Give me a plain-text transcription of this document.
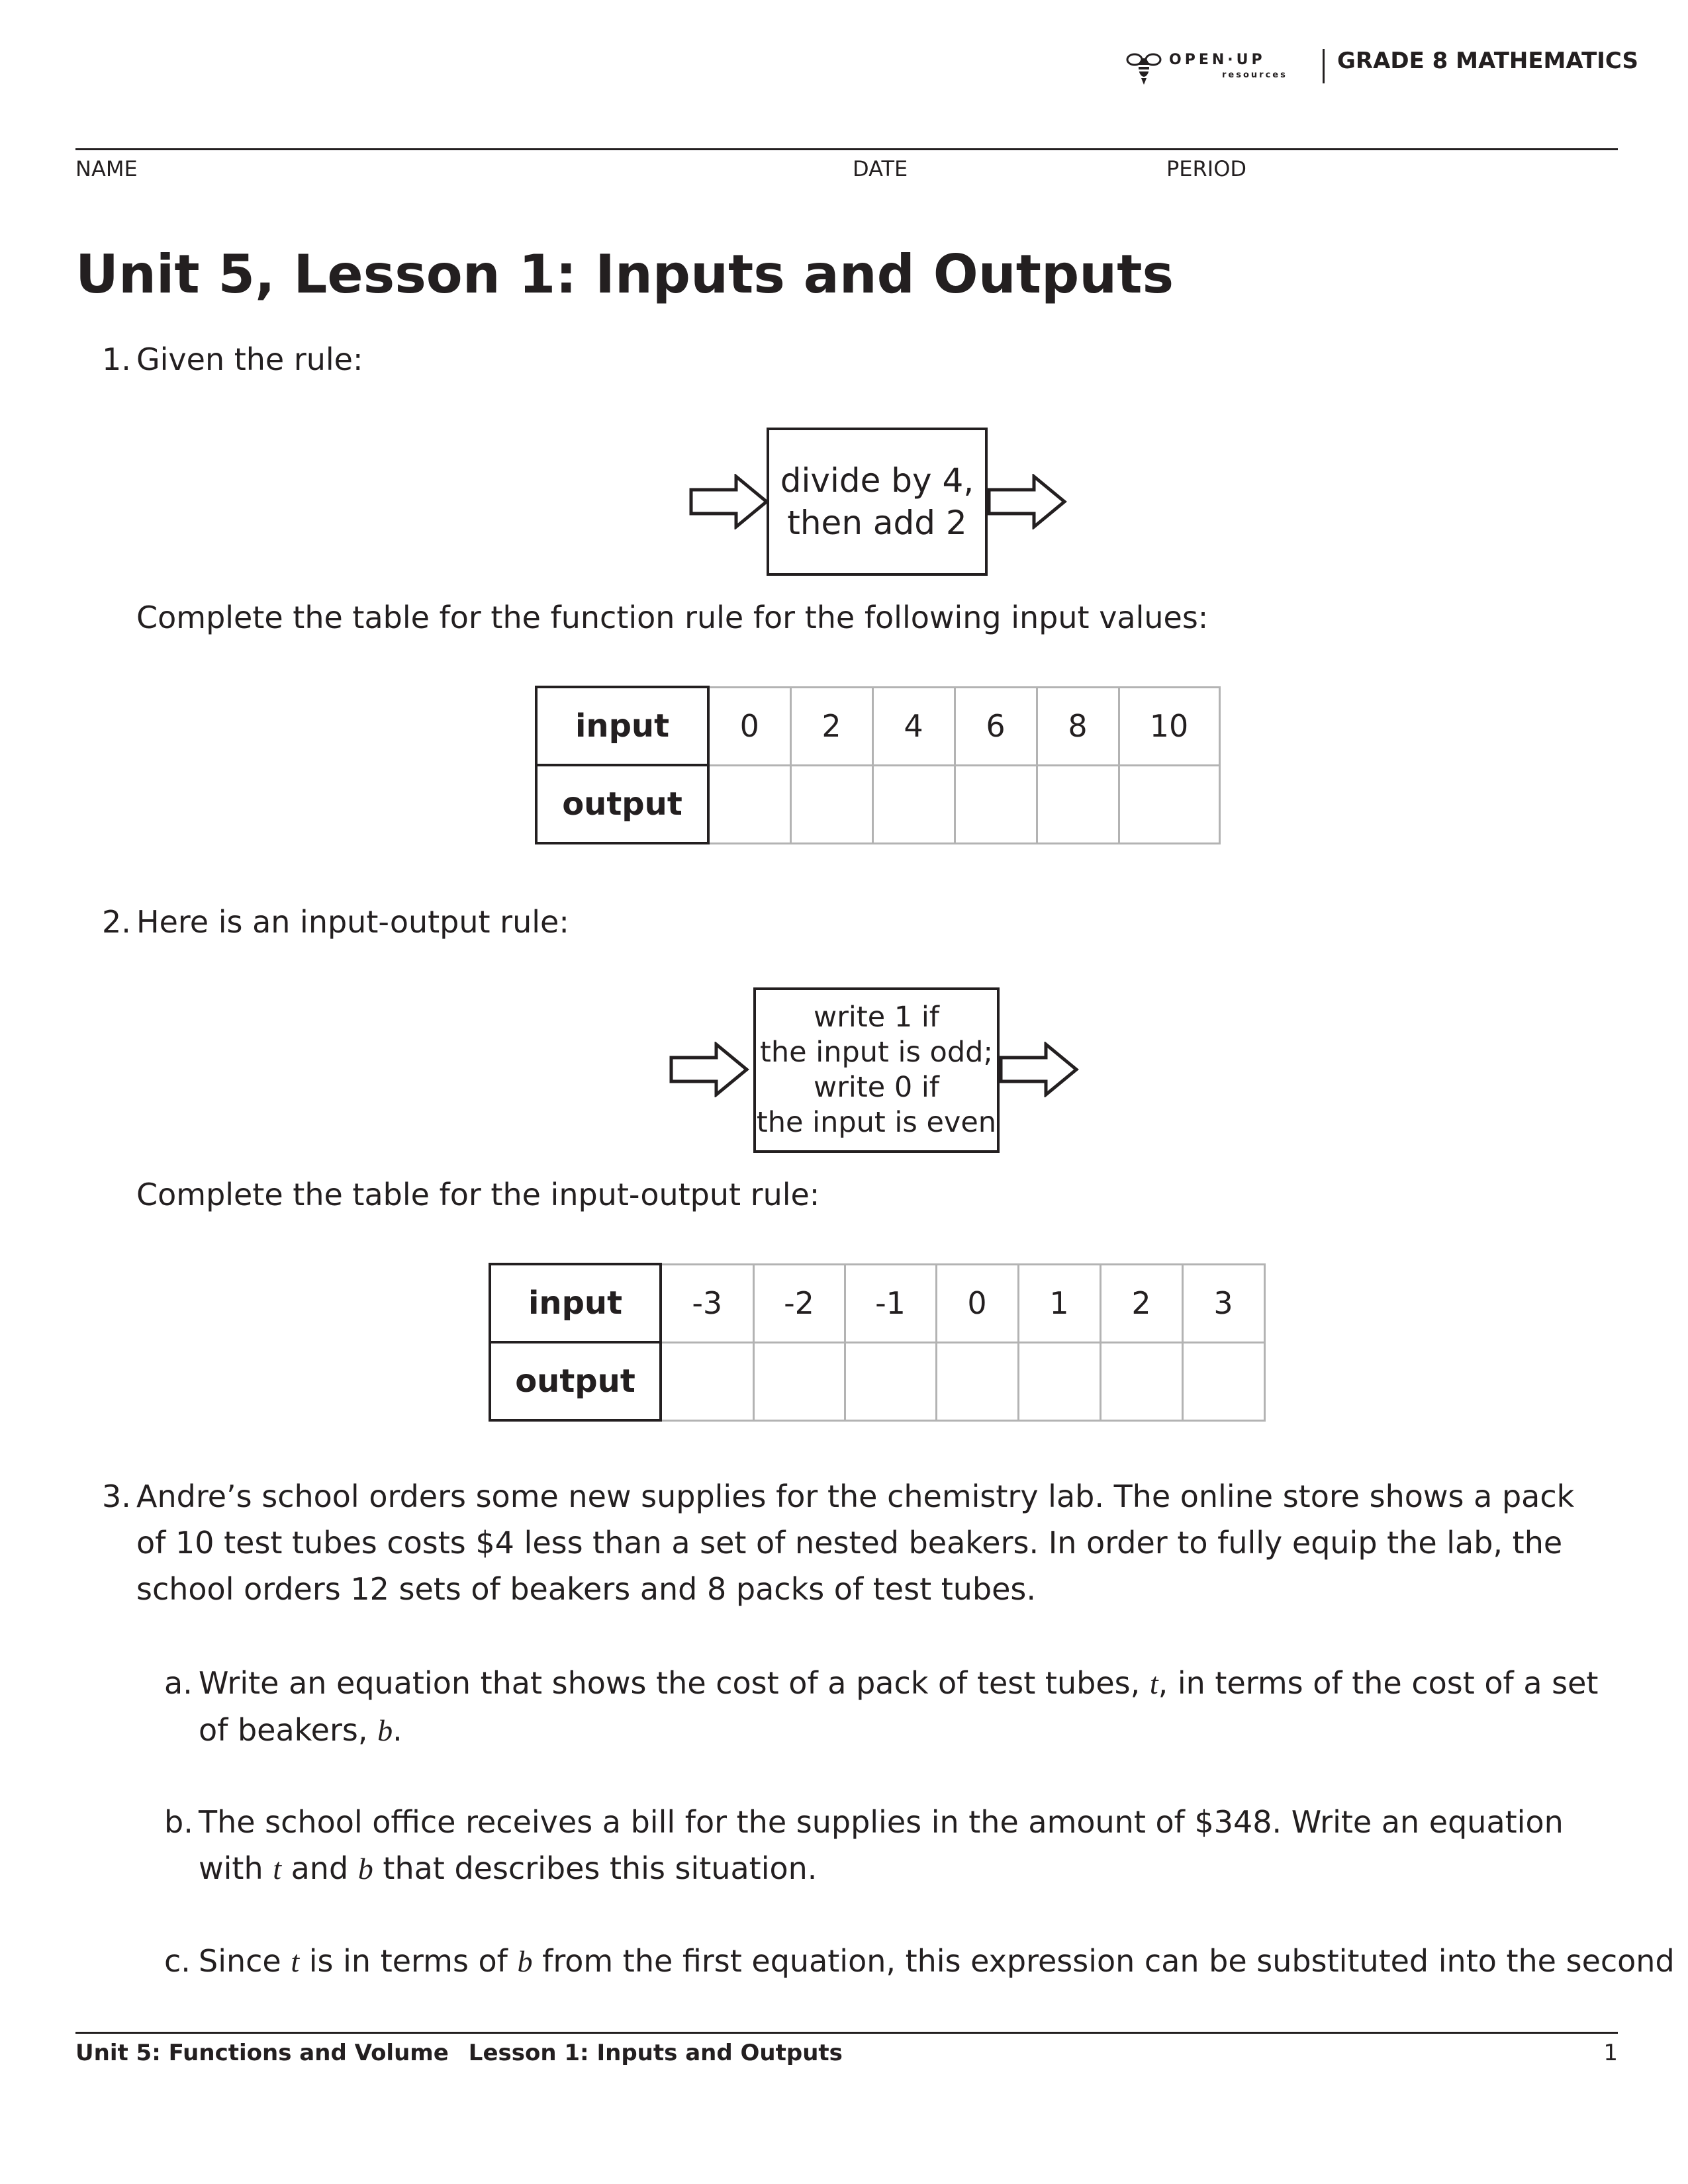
OPEN·UP
resources
GRADE 8 MATHEMATICS
NAME	DATE	PERIOD
Unit 5, Lesson 1: Inputs and Outputs
1. Given the rule:
divide by 4,
then add 2
Complete the table for the function rule for the following input values:
input	0	2	4	6	8	10
output						
2. Here is an input-output rule:
write 1 if
the input is odd;
write 0 if
the input is even
Complete the table for the input-output rule:
input	-3	-2	-1	0	1	2	3
output							
3. Andre’s school orders some new supplies for the chemistry lab. The online store shows a pack of 10 test tubes costs $4 less than a set of nested beakers. In order to fully equip the lab, the school orders 12 sets of beakers and 8 packs of test tubes.
a. Write an equation that shows the cost of a pack of test tubes, t, in terms of the cost of a set of beakers, b.
b. The school office receives a bill for the supplies in the amount of $348. Write an equation with t and b that describes this situation.
c. Since t is in terms of b from the first equation, this expression can be substituted into the second
Unit 5: Functions and Volume Lesson 1: Inputs and Outputs	1
